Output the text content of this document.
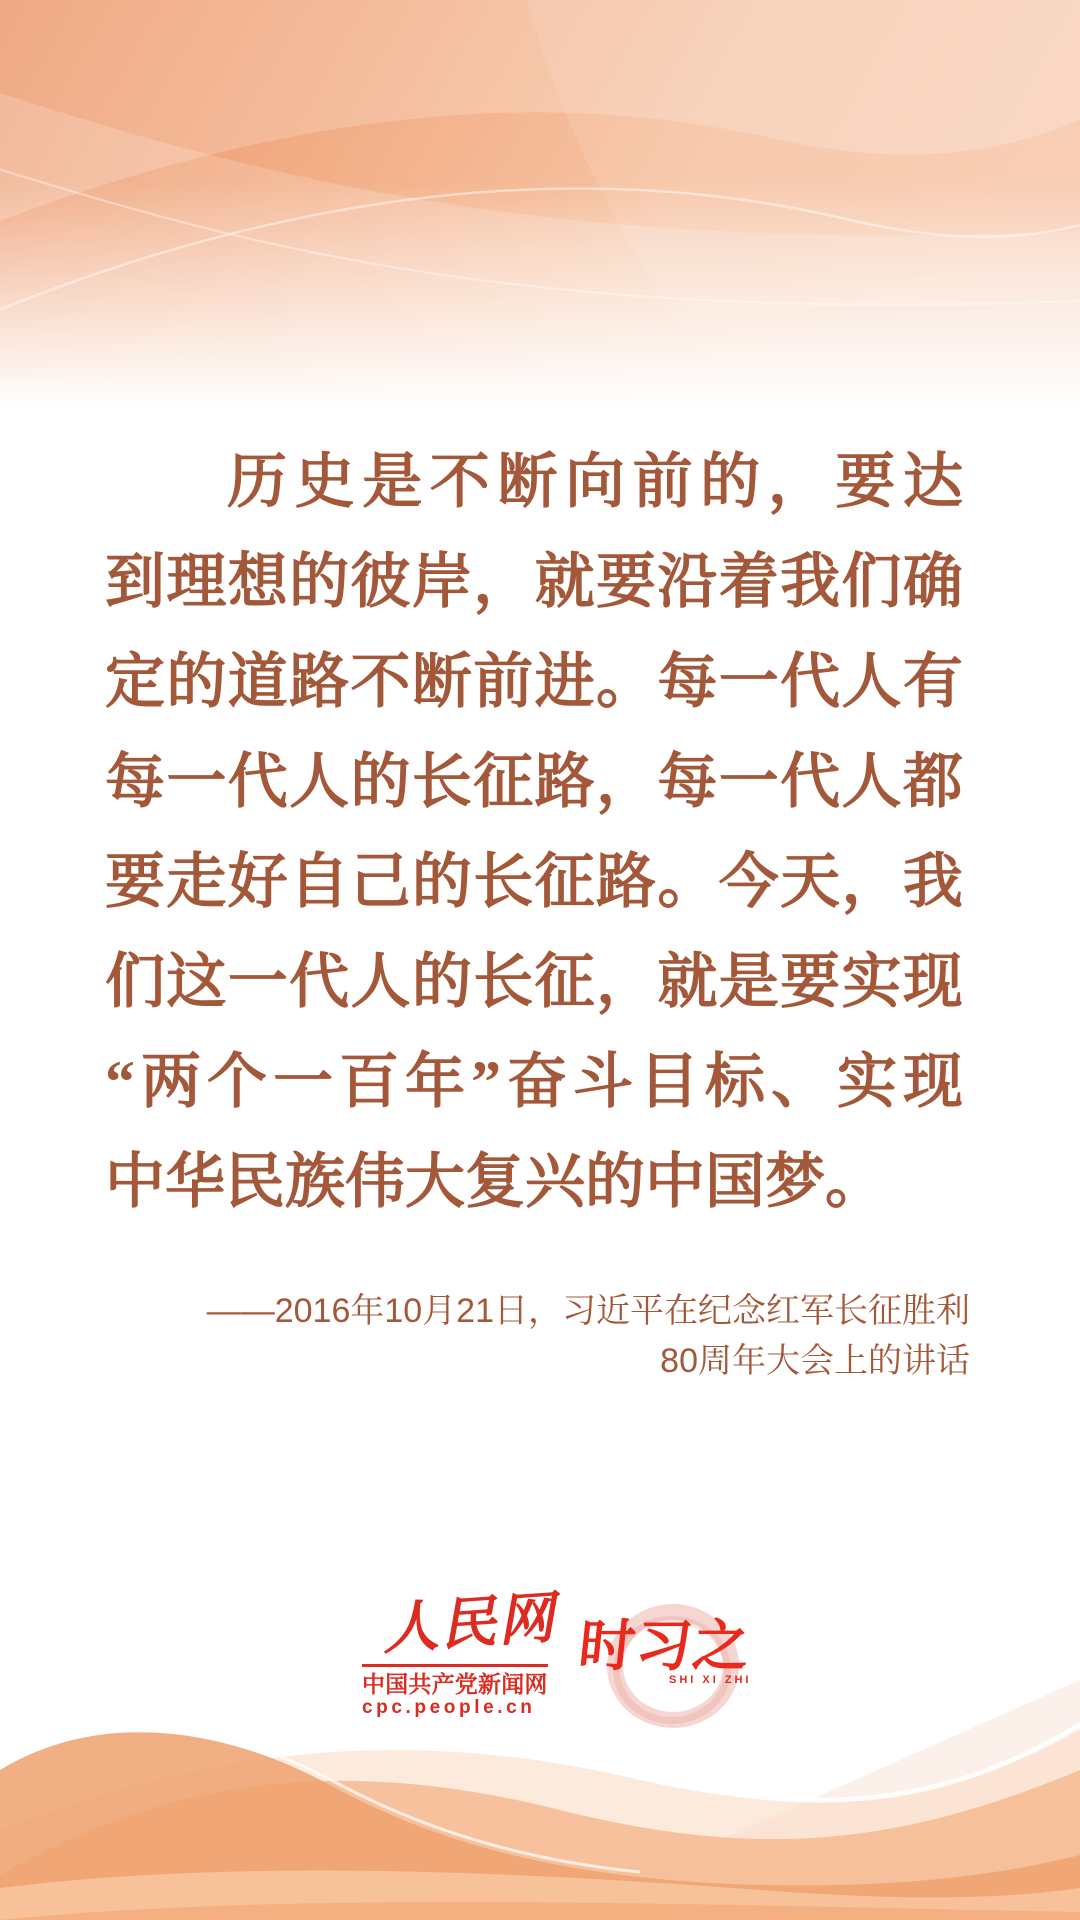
历 史 是 不 断 向 前 的 ， 要 达
到 理 想 的 彼 岸 ， 就 要 沿 着 我 们 确
定 的 道 路 不 断 前 进 。 每 一 代 人 有
每 一 代 人 的 长 征 路 ， 每 一 代 人 都
要 走 好 自 己 的 长 征 路 。 今 天 ， 我
们 这 一 代 人 的 长 征 ， 就 是 要 实 现
“ 两 个 一 百 年 ” 奋 斗 目 标 、 实 现
中华民族伟大复兴的中国梦。
——2016年10月21日，习近平在纪念红军长征胜利
80周年大会上的讲话
人民网
中国共产党新闻网
cpc.people.cn
时习之
SHI XI ZHI
